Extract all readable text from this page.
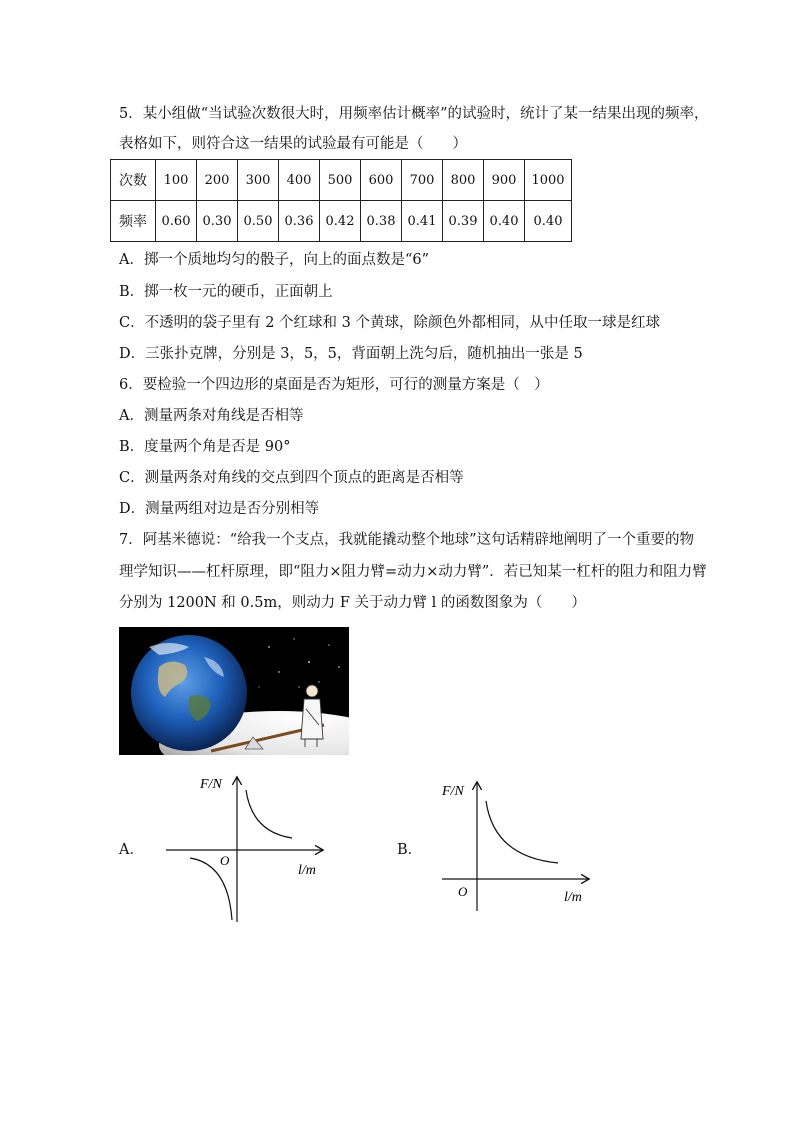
5．某小组做“当试验次数很大时，用频率估计概率”的试验时，统计了某一结果出现的频率，
表格如下，则符合这一结果的试验最有可能是（　　）
次数	100	200	300	400	500	600	700	800	900	1000
频率	0.60	0.30	0.50	0.36	0.42	0.38	0.41	0.39	0.40	0.40
A．掷一个质地均匀的骰子，向上的面点数是“6”
B．掷一枚一元的硬币，正面朝上
C．不透明的袋子里有 2 个红球和 3 个黄球，除颜色外都相同，从中任取一球是红球
D．三张扑克牌，分别是 3，5，5，背面朝上洗匀后，随机抽出一张是 5
6．要检验一个四边形的桌面是否为矩形，可行的测量方案是（　）
A．测量两条对角线是否相等
B．度量两个角是否是 90°
C．测量两条对角线的交点到四个顶点的距离是否相等
D．测量两组对边是否分别相等
7．阿基米德说：“给我一个支点，我就能撬动整个地球”这句话精辟地阐明了一个重要的物
理学知识——杠杆原理，即“阻力×阻力臂=动力×动力臂”．若已知某一杠杆的阻力和阻力臂
分别为 1200N 和 0.5m，则动力 F 关于动力臂 l 的函数图象为（　　）
A．
F/N
l/m
O
B．
F/N
l/m
O
